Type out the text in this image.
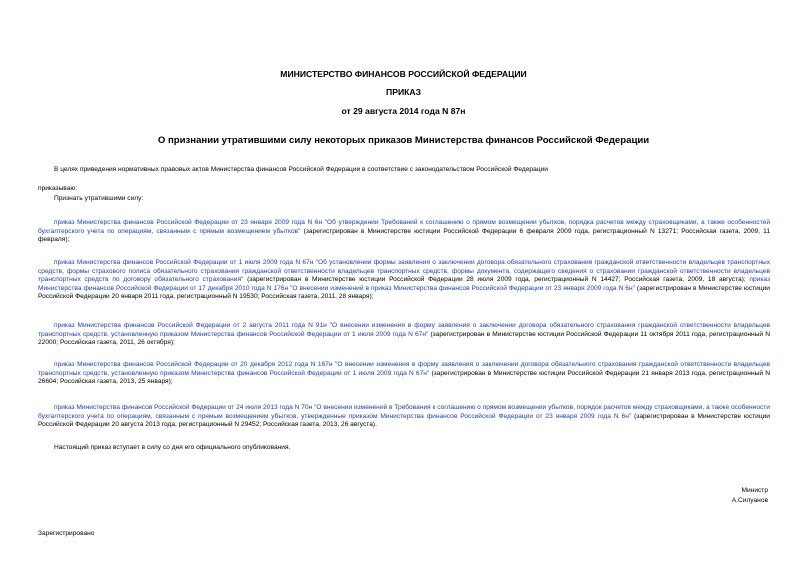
МИНИСТЕРСТВО ФИНАНСОВ РОССИЙСКОЙ ФЕДЕРАЦИИ
ПРИКАЗ
от 29 августа 2014 года N 87н
О признании утратившими силу некоторых приказов Министерства финансов Российской Федерации
В целях приведения нормативных правовых актов Министерства финансов Российской Федерации в соответствие с законодательством Российской Федерации
приказываю:
Признать утратившими силу:
приказ Министерства финансов Российской Федерации от 23 января 2009 года N 6н "Об утверждении Требований к соглашению о прямом возмещении убытков, порядка расчетов между страховщиками, а также особенностей бухгалтерского учета по операциям, связанным с прямым возмещением убытков" (зарегистрирован в Министерстве юстиции Российской Федерации 6 февраля 2009 года, регистрационный N 13271; Российская газета, 2009, 11 февраля);
приказ Министерства финансов Российской Федерации от 1 июля 2009 года N 67н "Об установлении формы заявления о заключении договора обязательного страхования гражданской ответственности владельцев транспортных средств, формы страхового полиса обязательного страхования гражданской ответственности владельцев транспортных средств, формы документа, содержащего сведения о страховании гражданской ответственности владельцев транспортных средств по договору обязательного страхования" (зарегистрирован в Министерстве юстиции Российской Федерации 28 июля 2009 года, регистрационный N 14427; Российская газета, 2009, 18 августа); приказ Министерства финансов Российской Федерации от 17 декабря 2010 года N 176н "О внесении изменений в приказ Министерства финансов Российской Федерации от 23 января 2009 года N 6н" (зарегистрирован в Министерстве юстиции Российской Федерации 20 января 2011 года, регистрационный N 19530; Российская газета, 2011, 28 января);
приказ Министерства финансов Российской Федерации от 2 августа 2011 года N 91н "О внесении изменения в форму заявления о заключении договора обязательного страхования гражданской ответственности владельцев транспортных средств, установленную приказом Министерства финансов Российской Федерации от 1 июля 2009 года N 67н" (зарегистрирован в Министерстве юстиции Российской Федерации 11 октября 2011 года, регистрационный N 22000; Российская газета, 2011, 26 октября);
приказ Министерства финансов Российской Федерации от 20 декабря 2012 года N 167н "О внесении изменения в форму заявления о заключении договора обязательного страхования гражданской ответственности владельцев транспортных средств, установленную приказом Министерства финансов Российской Федерации от 1 июля 2009 года N 67н" (зарегистрирован в Министерстве юстиции Российской Федерации 21 января 2013 года, регистрационный N 26604; Российская газета, 2013, 25 января);
приказ Министерства финансов Российской Федерации от 24 июля 2013 года N 70н "О внесении изменений в Требования к соглашению о прямом возмещении убытков, порядок расчетов между страховщиками, а также особенности бухгалтерского учета по операциям, связанным с прямым возмещением убытков, утвержденные приказом Министерства финансов Российской Федерации от 23 января 2009 года N 6н" (зарегистрирован в Министерстве юстиции Российской Федерации 20 августа 2013 года, регистрационный N 29452; Российская газета, 2013, 26 августа).
Настоящий приказ вступает в силу со дня его официального опубликования.
Министр
А.Силуанов
Зарегистрировано
